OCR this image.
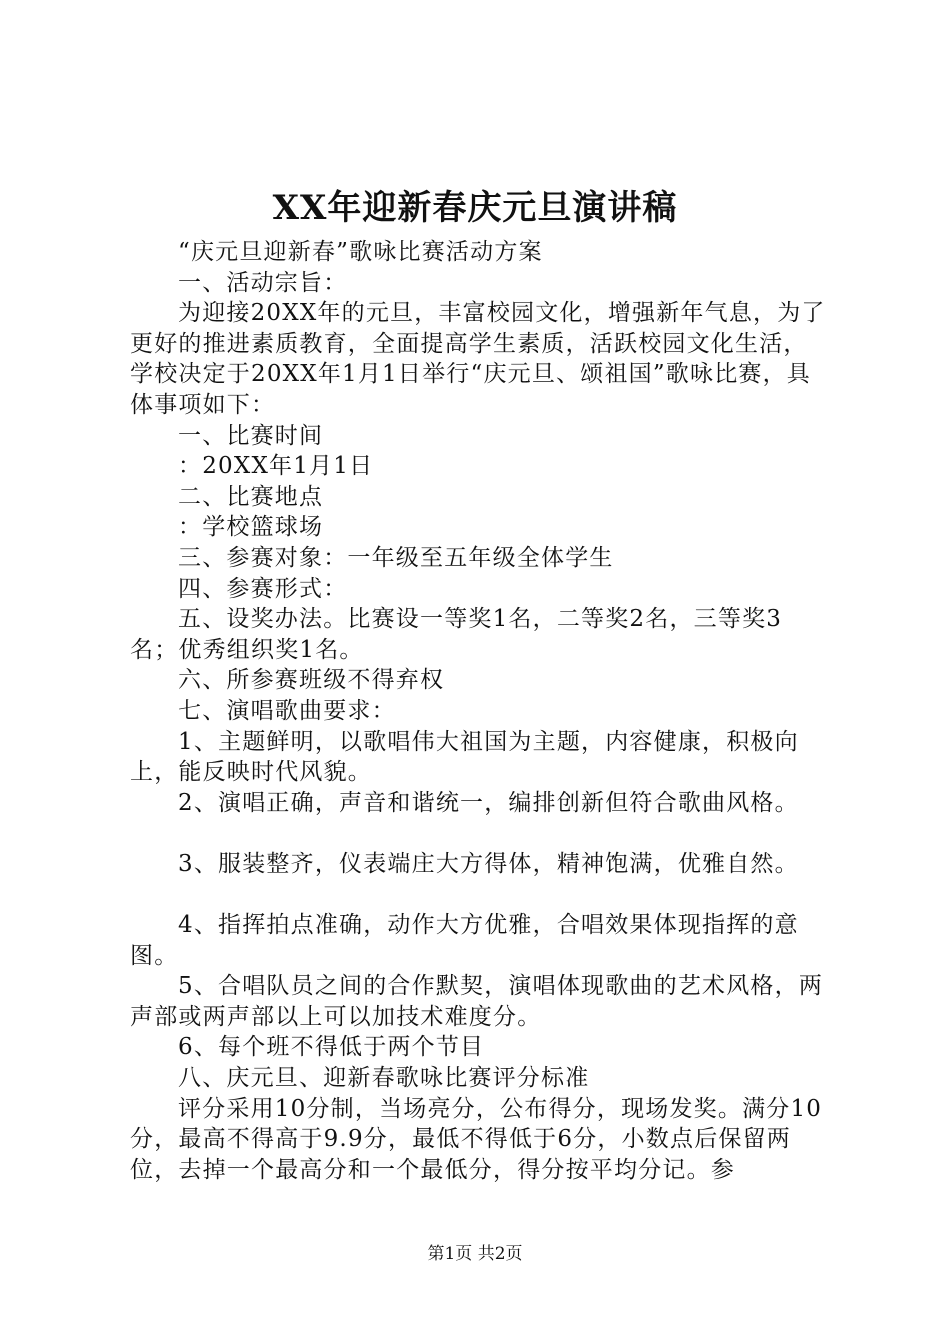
XX年迎新春庆元旦演讲稿

“庆元旦迎新春”歌咏比赛活动方案

一、活动宗旨：

为迎接20XX年的元旦，丰富校园文化，增强新年气息，为了更好的推进素质教育，全面提高学生素质，活跃校园文化生活，学校决定于20XX年1月1日举行“庆元旦、颂祖国”歌咏比赛，具体事项如下：

一、比赛时间

：20XX年1月1日

二、比赛地点

：学校篮球场

三、参赛对象：一年级至五年级全体学生

四、参赛形式：

五、设奖办法。比赛设一等奖1名，二等奖2名，三等奖3名；优秀组织奖1名。

六、所参赛班级不得弃权

七、演唱歌曲要求：

1、主题鲜明，以歌唱伟大祖国为主题，内容健康，积极向上，能反映时代风貌。

2、演唱正确，声音和谐统一，编排创新但符合歌曲风格。

3、服装整齐，仪表端庄大方得体，精神饱满，优雅自然。

4、指挥拍点准确，动作大方优雅，合唱效果体现指挥的意图。

5、合唱队员之间的合作默契，演唱体现歌曲的艺术风格，两声部或两声部以上可以加技术难度分。

6、每个班不得低于两个节目

八、庆元旦、迎新春歌咏比赛评分标准

评分采用10分制，当场亮分，公布得分，现场发奖。满分10分，最高不得高于9.9分，最低不得低于6分，小数点后保留两位，去掉一个最高分和一个最低分，得分按平均分记。参

第1页 共2页
